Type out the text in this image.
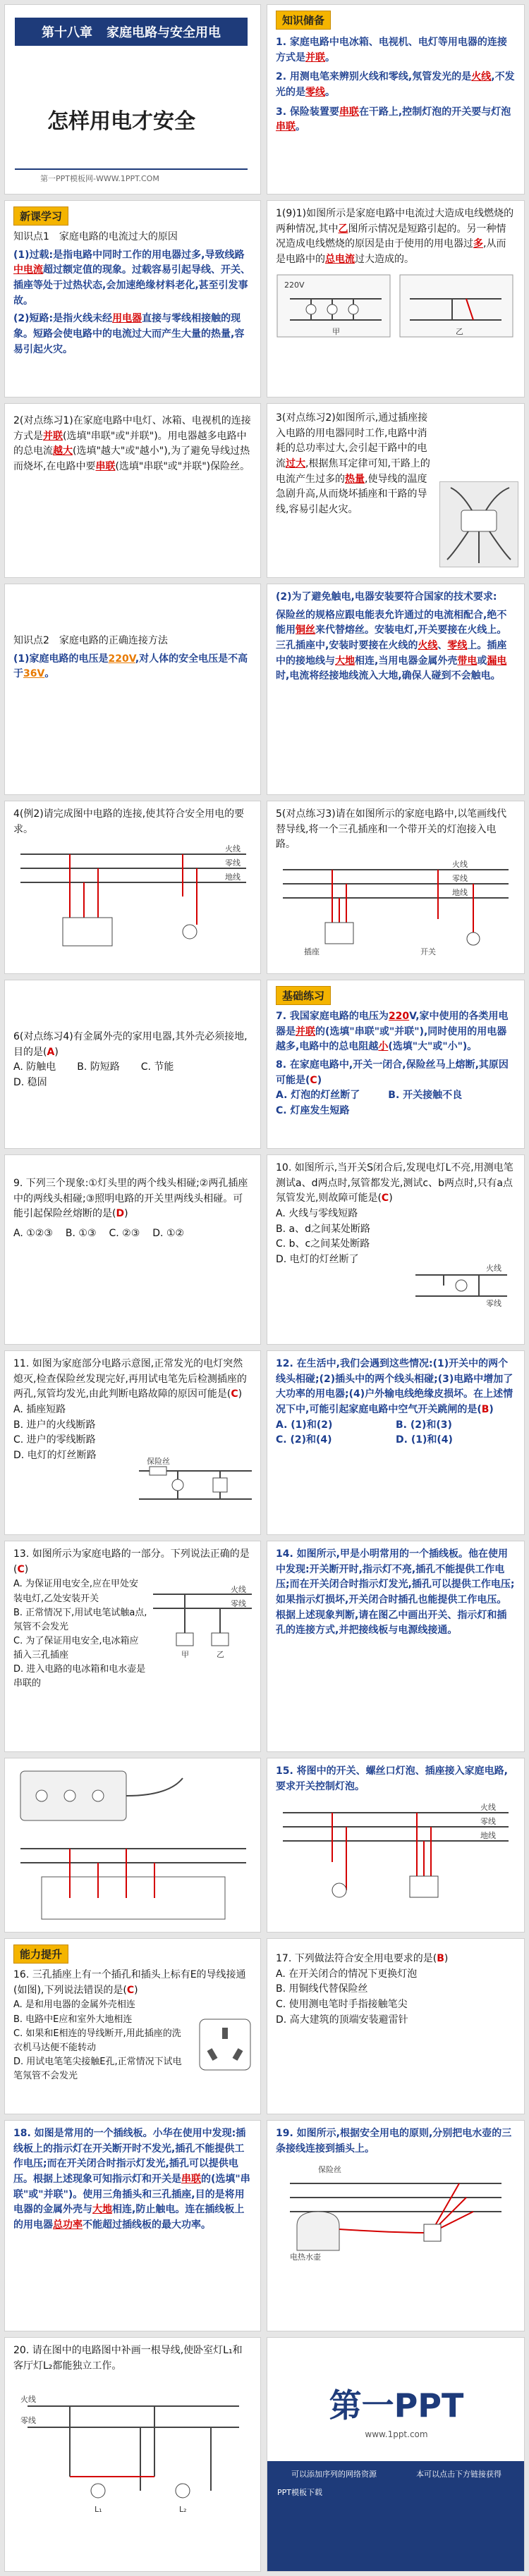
第十八章 家庭电路与安全用电
怎样用电才安全
第一PPT模板网-WWW.1PPT.COM
知识储备
1. 家庭电路中电冰箱、电视机、电灯等用电器的连接方式是并联。
2. 用测电笔来辨别火线和零线,氖管发光的是火线,不发光的是零线。
3. 保险装置要串联在干路上,控制灯泡的开关要与灯泡串联。
新课学习
知识点1　家庭电路的电流过大的原因
(1)过载:是指电路中同时工作的用电器过多,导致线路中电流超过额定值的现象。过载容易引起导线、开关、插座等处于过热状态,会加速绝缘材料老化,甚至引发事故。
(2)短路:是指火线未经用电器直接与零线相接触的现象。短路会使电路中的电流过大而产生大量的热量,容易引起火灾。
1(9)1)如图所示是家庭电路中电流过大造成电线燃烧的两种情况,其中乙图所示情况是短路引起的。另一种情况造成电线燃烧的原因是由于使用的用电器过多,从而是电路中的总电流过大造成的。
220V
甲	乙
2(对点练习1)在家庭电路中电灯、冰箱、电视机的连接方式是并联(选填"串联"或"并联")。用电器越多电路中的总电流越大(选填"越大"或"越小"),为了避免导线过热而烧坏,在电路中要串联(选填"串联"或"并联")保险丝。
3(对点练习2)如图所示,通过插座接入电路的用电器同时工作,电路中消耗的总功率过大,会引起干路中的电流过大,根据焦耳定律可知,干路上的电流产生过多的热量,使导线的温度急剧升高,从而烧坏插座和干路的导线,容易引起火灾。
知识点2　家庭电路的正确连接方法
(1)家庭电路的电压是220V,对人体的安全电压是不高于36V。
(2)为了避免触电,电器安装要符合国家的技术要求:
保险丝的规格应跟电能表允许通过的电流相配合,绝不能用铜丝来代替熔丝。安装电灯,开关要接在火线上。三孔插座中,安装时要接在火线的火线、零线上。插座中的接地线与大地相连,当用电器金属外壳带电或漏电时,电流将经接地线流入大地,确保人碰到不会触电。
4(例2)请完成图中电路的连接,使其符合安全用电的要求。
火线
零线
地线
5(对点练习3)请在如图所示的家庭电路中,以笔画线代替导线,将一个三孔插座和一个带开关的灯泡接入电路。
火线
零线
地线
插座	开关
6(对点练习4)有金属外壳的家用电器,其外壳必须接地,目的是(A)
A. 防触电 B. 防短路 C. 节能
D. 稳固
基础练习
7. 我国家庭电路的电压为220V,家中使用的各类用电器是并联的(选填"串联"或"并联"),同时使用的用电器越多,电路中的总电阻越小(选填"大"或"小")。
8. 在家庭电路中,开关一闭合,保险丝马上熔断,其原因可能是(C)
A. 灯泡的灯丝断了	B. 开关接触不良
C. 灯座发生短路
9. 下列三个现象:①灯头里的两个线头相碰;②两孔插座中的两线头相碰;③照明电路的开关里两线头相碰。可能引起保险丝熔断的是(D)
A. ①②③ B. ①③ C. ②③ D. ①②
10. 如图所示,当开关S闭合后,发现电灯L不亮,用测电笔测试a、d两点时,氖管都发光,测试c、b两点时,只有a点氖管发光,则故障可能是(C)
A. 火线与零线短路
B. a、d之间某处断路
C. b、c之间某处断路
D. 电灯的灯丝断了
火线
零线
11. 如图为家庭部分电路示意图,正常发光的电灯突然熄灭,检查保险丝发现完好,再用试电笔先后检测插座的两孔,氖管均发光,由此判断电路故障的原因可能是(C)
A. 插座短路
B. 进户的火线断路
C. 进户的零线断路
D. 电灯的灯丝断路
保险丝
12. 在生活中,我们会遇到这些情况:(1)开关中的两个线头相碰;(2)插头中的两个线头相碰;(3)电路中增加了大功率的用电器;(4)户外输电线绝缘皮损坏。在上述情况下中,可能引起家庭电路中空气开关跳闸的是(B)
A. (1)和(2)	B. (2)和(3)
C. (2)和(4)	D. (1)和(4)
13. 如图所示为家庭电路的一部分。下列说法正确的是(C)
A. 为保证用电安全,应在甲处安装电灯,乙处安装开关
B. 正常情况下,用试电笔试触a点,氖管不会发光
C. 为了保证用电安全,电冰箱应插入三孔插座
D. 进入电路的电冰箱和电水壶是串联的
火线
零线
甲	乙
14. 如图所示,甲是小明常用的一个插线板。他在使用中发现:开关断开时,指示灯不亮,插孔不能提供工作电压;而在开关闭合时指示灯发光,插孔可以提供工作电压;如果指示灯损坏,开关闭合时插孔也能提供工作电压。根据上述现象判断,请在图乙中画出开关、指示灯和插孔的连接方式,并把接线板与电源线接通。
15. 将图中的开关、螺丝口灯泡、插座接入家庭电路,要求开关控制灯泡。
火线
零线
地线
能力提升
16. 三孔插座上有一个插孔和插头上标有E的导线接通(如图),下列说法错误的是(C)
A. 是和用电器的金属外壳相连
B. 电路中E应和室外大地相连
C. 如果和E相连的导线断开,用此插座的洗衣机马达便不能转动
D. 用试电笔笔尖接触E孔,正常情况下试电笔氖管不会发光
17. 下列做法符合安全用电要求的是(B)
A. 在开关闭合的情况下更换灯泡
B. 用铜线代替保险丝
C. 使用测电笔时手指接触笔尖
D. 高大建筑的顶端安装避雷针
18. 如图是常用的一个插线板。小华在使用中发现:插线板上的指示灯在开关断开时不发光,插孔不能提供工作电压;而在开关闭合时指示灯发光,插孔可以提供电压。根据上述现象可知指示灯和开关是串联的(选填"串联"或"并联")。使用三角插头和三孔插座,目的是将用电器的金属外壳与大地相连,防止触电。连在插线板上的用电器总功率不能超过插线板的最大功率。
19. 如图所示,根据安全用电的原则,分别把电水壶的三条接线连接到插头上。
保险丝
电热水壶
20. 请在图中的电路图中补画一根导线,使卧室灯L₁和客厅灯L₂都能独立工作。
火线
零线
L₁	L₂
第一PPT
www.1ppt.com
可以添加序列的网络资源	本可以点击下方链接获得
PPT模板下载
